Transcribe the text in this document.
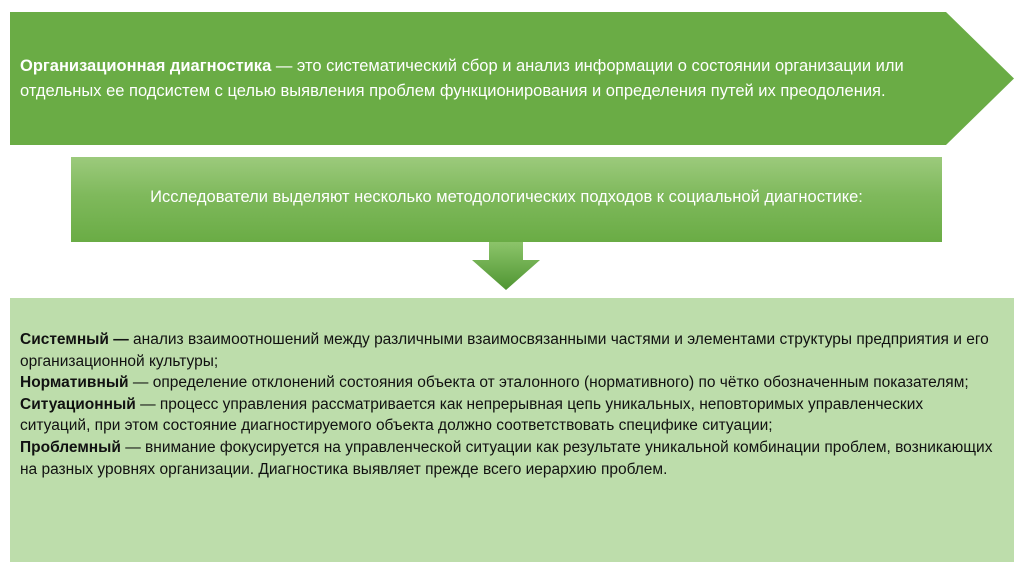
Организационная диагностика — это систематический сбор и анализ информации о состоянии организации или отдельных ее подсистем с целью выявления проблем функционирования и определения путей их преодоления.
Исследователи выделяют несколько методологических подходов к социальной диагностике:

Системный — анализ взаимоотношений между различными взаимосвязанными частями и элементами структуры предприятия и его организационной культуры;

Нормативный — определение отклонений состояния объекта от эталонного (нормативного) по чётко обозначенным показателям;

Ситуационный — процесс управления рассматривается как непрерывная цепь уникальных, неповторимых управленческих ситуаций, при этом состояние диагностируемого объекта должно соответствовать специфике ситуации;

Проблемный — внимание фокусируется на управленческой ситуации как результате уникальной комбинации проблем, возникающих на разных уровнях организации. Диагностика выявляет прежде всего иерархию проблем.
